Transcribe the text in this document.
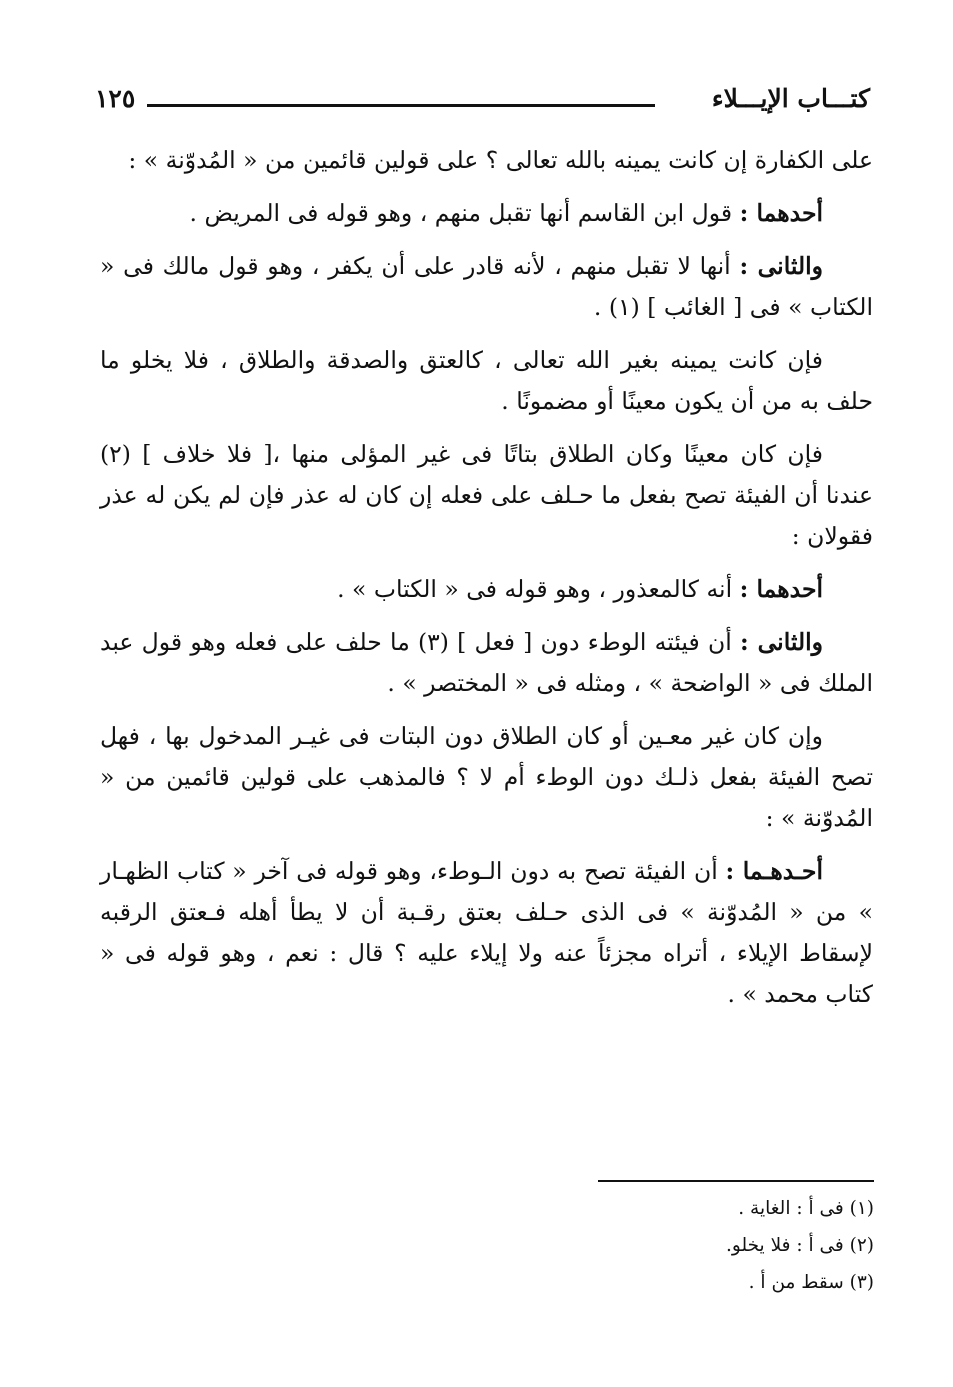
كتـــاب الإيـــلاء
١٢٥

على الكفارة إن كانت يمينه بالله تعالى ؟ على قولين قائمين من « المُدوّنة » :

أحدهما : قول ابن القاسم أنها تقبل منهم ، وهو قوله فى المريض .

والثانى : أنها لا تقبل منهم ، لأنه قادر على أن يكفر ، وهو قول مالك فى « الكتاب » فى [ الغائب ] (١) .

فإن كانت يمينه بغير الله تعالى ، كالعتق والصدقة والطلاق ، فلا يخلو ما حلف به من أن يكون معينًا أو مضمونًا .

فإن كان معينًا وكان الطلاق بتاتًا فى غير المؤلى منها ،[ فلا خلاف ] (٢) عندنا أن الفيئة تصح بفعل ما حـلف على فعله إن كان له عذر فإن لم يكن له عذر فقولان :

أحدهما : أنه كالمعذور ، وهو قوله فى « الكتاب » .

والثانى : أن فيئته الوطء دون [ فعل ] (٣) ما حلف على فعله وهو قول عبد الملك فى « الواضحة » ، ومثله فى « المختصر » .

وإن كان غير معـين أو كان الطلاق دون البتات فى غيـر المدخول بها ، فهل تصح الفيئة بفعل ذلـك دون الوطء أم لا ؟ فالمذهب على قولين قائمين من « المُدوّنة » :

أحـدهـما : أن الفيئة تصح به دون الـوطء، وهو قوله فى آخر « كتاب الظهـار » من « المُدوّنة » فى الذى حـلف بعتق رقـبة أن لا يطأ أهله فـعتق الرقبه لإسقاط الإيلاء ، أتراه مجزئاً عنه ولا إيلاء عليه ؟ قال : نعم ، وهو قوله فى « كتاب محمد » .

(١) فى أ : الغاية .

(٢) فى أ : فلا يخلو.

(٣) سقط من أ .
